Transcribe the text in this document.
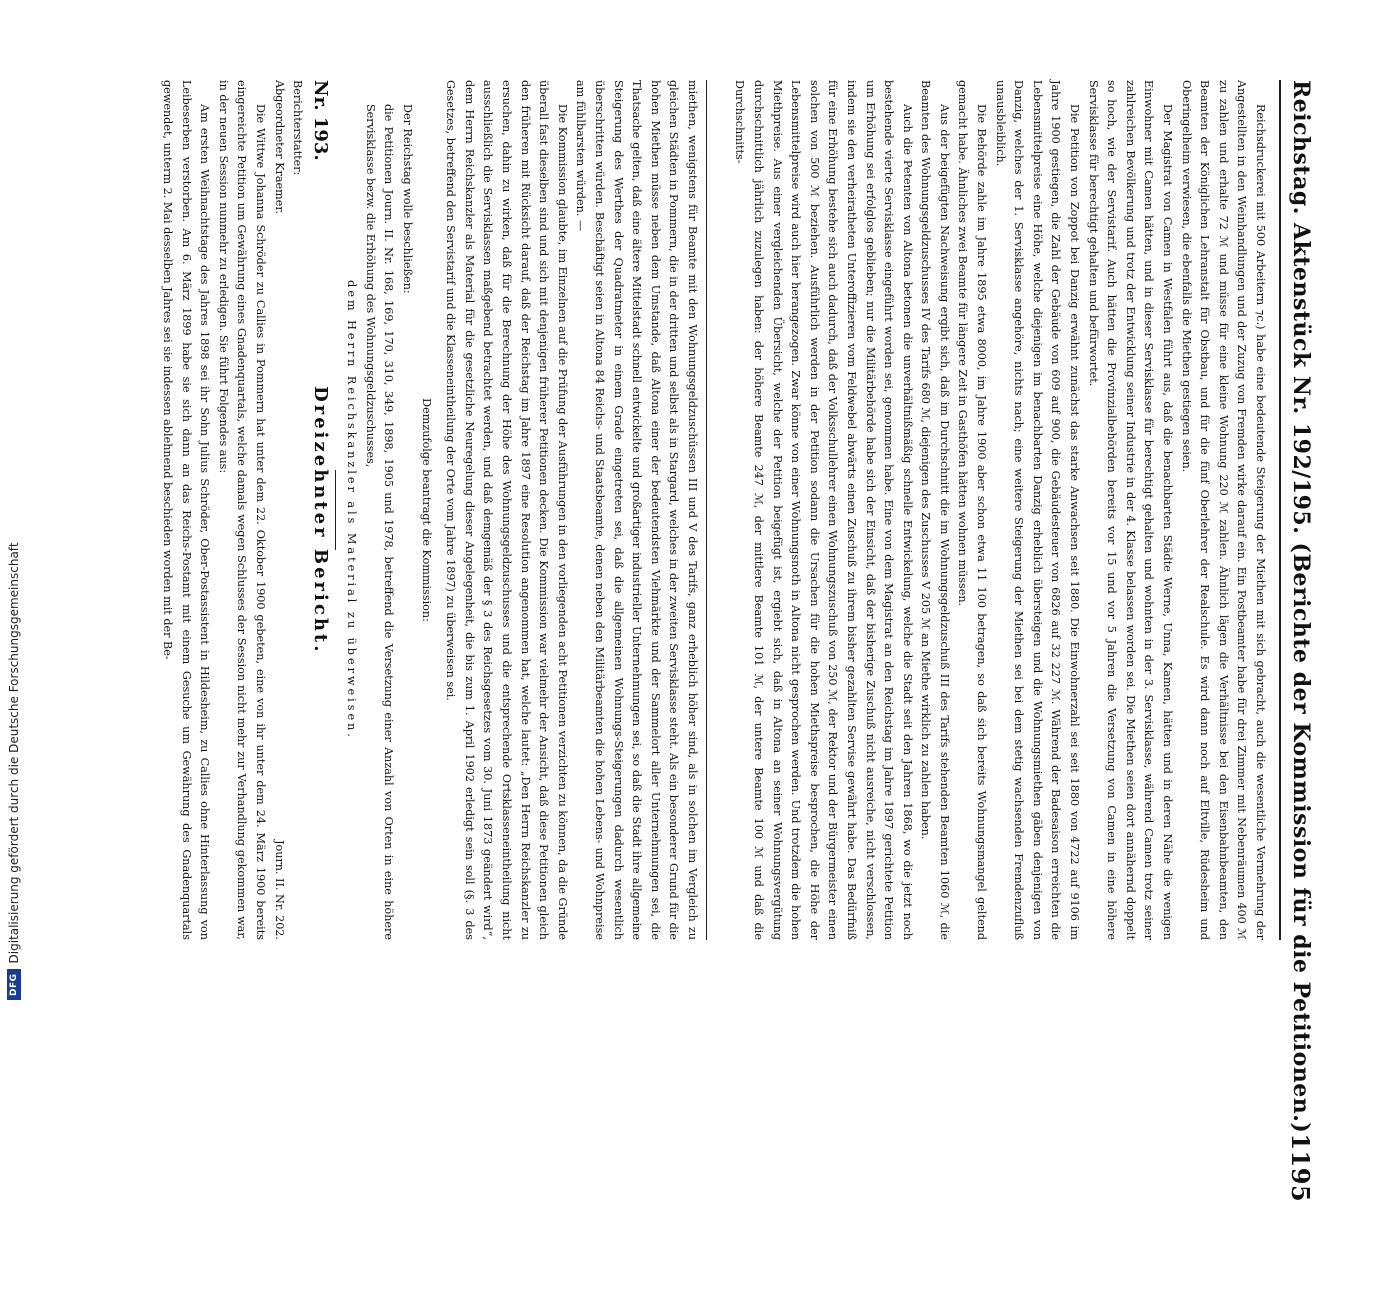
Reichstag. Aktenstück Nr. 192/195. (Berichte der Kommission für die Petitionen.)
1195

Reichsdruckerei mit 500 Arbeitern ⁊c.) habe eine bedeutende Steigerung der Miethen mit sich gebracht, auch die wesentliche Vermehrung der Angestellten in den Weinhandlungen und der Zuzug von Fremden wirke darauf ein. Ein Postbeamter habe für drei Zimmer mit Nebenräumen 400 ℳ zu zahlen und erhalte 72 ℳ und müsse für eine kleine Wohnung 220 ℳ zahlen. Ähnlich lägen die Verhältnisse bei den Eisenbahnbeamten, den Beamten der Königlichen Lehranstalt für Obstbau, und für die fünf Oberlehrer der Realschule. Es wird dann noch auf Eltville, Rüdesheim und Oberingelheim verwiesen, die ebenfalls die Miethen gestiegen seien.

Der Magistrat von Camen in Westfalen führt aus, daß die benachbarten Städte Werne, Unna, Kamen, hätten und in deren Nähe die wenigen Einwohner mit Camen hätten, und in dieser Servisklasse für berechtigt gehalten und wohnten in der 3. Servisklasse, während Camen trotz seiner zahlreichen Bevölkerung und trotz der Entwicklung seiner Industrie in der 4. Klasse belassen worden sei. Die Miethen seien dort annähernd doppelt so hoch, wie der Servistarif. Auch hätten die Provinzialbehörden bereits vor 15 und vor 5 Jahren die Versetzung von Camen in eine höhere Servisklasse für berechtigt gehalten und befürwortet.

Die Petition von Zoppot bei Danzig erwähnt zunächst das starke Anwachsen seit 1880. Die Einwohnerzahl sei seit 1880 von 4722 auf 9106 im Jahre 1900 gestiegen, die Zahl der Gebäude von 609 auf 900, die Gebäudesteuer von 6826 auf 32 227 ℳ. Während der Badesaison erreichten die Lebensmittelpreise eine Höhe, welche diejenigen im benachbarten Danzig erheblich übersteigen und die Wohnungsmiethen gäben denjenigen von Danzig, welches der 1. Servisklasse angehöre, nichts nach; eine weitere Steigerung der Miethen sei bei dem stetig wachsenden Fremdenzufluß unausbleiblich.

Die Behörde zahle im Jahre 1895 etwa 8000, im Jahre 1900 aber schon etwa 11 100 betragen, so daß sich bereits Wohnungsmangel geltend gemacht habe. Ähnliches zwei Beamte für längere Zeit in Gasthöfen hätten wohnen müssen.

Aus der beigefügten Nachweisung ergibt sich, daß im Durchschnitt die im Wohnungsgeldzuschuß III des Tarifs stehenden Beamten 1060 ℳ, die Beamten des Wohnungsgeldzuschusses IV des Tarifs 680 ℳ, diejenigen des Zuschusses V 205 ℳ an Miethe wirklich zu zahlen haben.

Auch die Petenten von Altona betonen die unverhältnißmäßig schnelle Entwickelung, welche die Stadt seit den Jahren 1868, wo die jetzt noch bestehende vierte Servisklasse eingeführt worden sei, genommen habe. Eine von dem Magistrat an den Reichstag im Jahre 1897 gerichtete Petition um Erhöhung sei erfolglos geblieben; nur die Militärbehörde habe sich der Einsicht, daß der bisherige Zuschuß nicht ausreiche, nicht verschlossen, indem sie den verheiratheten Unteroffizieren vom Feldwebel abwärts einen Zuschuß zu ihrem bisher gezahlten Servise gewährt habe. Das Bedürfniß für eine Erhöhung bestehe sich auch dadurch, daß der Volksschullehrer einen Wohnungszuschuß von 250 ℳ, der Rektor und der Bürgermeister einen solchen von 500 ℳ beziehen. Ausführlich werden in der Petition sodann die Ursachen für die hohen Miethspreise besprochen, die Höhe der Lebensmittelpreise wird auch hier herangezogen. Zwar könne von einer Wohnungsnoth in Altona nicht gesprochen werden. Und trotzdem die hohen Miethpreise. Aus einer vergleichenden Übersicht, welche der Petition beigefügt ist, ergiebt sich, daß in Altona an seiner Wohnungsvergütung durchschnittlich jährlich zuzulegen haben: der höhere Beamte 247 ℳ, der mittlere Beamte 101 ℳ, der untere Beamte 100 ℳ und daß die Durchschnitts-

miethen, wenigstens für Beamte mit den Wohnungsgeldzuschüssen III und V des Tarifs, ganz erheblich höher sind, als in solchen im Vergleich zu gleichen Städten in Pommern, die in der dritten und selbst als in Stargard, welches in der zweiten Servisklasse steht. Als ein besonderer Grund für die hohen Miethen müsse neben dem Umstande, daß Altona einer der bedeutendsten Viehmärkte und der Sammelort aller Unternehmungen sei, die Thatsache gelten, daß eine ältere Mittelstadt schnell entwickelte und großartiger industrieller Unternehmungen sei, so daß die Stadt ihre allgemeine Steigerung des Werthes der Quadratmeter in einem Grade eingetreten sei, daß die allgemeinen Wohnungs-Steigerungen dadurch wesentlich überschritten würden. Beschäftigt seien in Altona 84 Reichs- und Staatsbeamte, denen neben den Militärbeamten die hohen Lebens- und Wohnpreise am fühlbarsten würden. —

Die Kommission glaubte, im Einzelnen auf die Prüfung der Ausführungen in den vorliegenden acht Petitionen verzichten zu können, da die Gründe überall fast dieselben sind und sich mit denjenigen früherer Petitionen decken. Die Kommission war vielmehr der Ansicht, daß diese Petitionen gleich den früheren mit Rücksicht darauf, daß der Reichstag im Jahre 1897 eine Resolution angenommen hat, welche lautet: „Den Herrn Reichskanzler zu ersuchen, dahin zu wirken, daß für die Berechnung der Höhe des Wohnungsgeldzuschusses und die entsprechende Ortsklasseneintheilung nicht ausschließlich die Servisklassen maßgebend betrachtet werden, und daß demgemäß der § 3 des Reichsgesetzes vom 30. Juni 1873 geändert wird“, dem Herrn Reichskanzler als Material für die gesetzliche Neuregelung dieser Angelegenheit, die bis zum 1. April 1902 erledigt sein soll (§. 3 des Gesetzes, betreffend den Servistarif und die Klasseneintheilung der Orte vom Jahre 1897) zu überweisen sei.

Demzufolge beantragt die Kommission:

Der Reichstag wolle beschließen:

die Petitionen Journ. II. Nr. 168, 169, 170, 310, 349, 1898, 1905 und 1978, betreffend die Versetzung einer Anzahl von Orten in eine höhere Servisklasse bezw. die Erhöhung des Wohnungsgeldzuschusses,

dem Herrn Reichskanzler als Material zu überweisen.

Nr. 193.
Dreizehnter Bericht.
Berichterstatter:
Abgeordneter Kraemer.
Journ. II. Nr. 202.

Die Wittwe Johanna Schröder zu Callies in Pommern hat unter dem 22. Oktober 1900 gebeten, eine von ihr unter dem 24. März 1900 bereits eingereichte Petition um Gewährung eines Gnadenquartals, welche damals wegen Schlusses der Session nicht mehr zur Verhandlung gekommen war, in der neuen Session nunmehr zu erledigen. Sie führt Folgendes aus:

Am ersten Weihnachtstage des Jahres 1898 sei ihr Sohn Julius Schröder, Ober-Postassistent in Hildesheim, zu Callies ohne Hinterlassung von Leibeserben verstorben. Am 6. März 1899 habe sie sich dann an das Reichs-Postamt mit einem Gesuche um Gewährung des Gnadenquartals gewendet, unterm 2. Mai desselben Jahres sei sie indessen ablehnend beschieden worden mit der Be-

DFG
Digitalisierung gefördert durch die Deutsche Forschungsgemeinschaft
